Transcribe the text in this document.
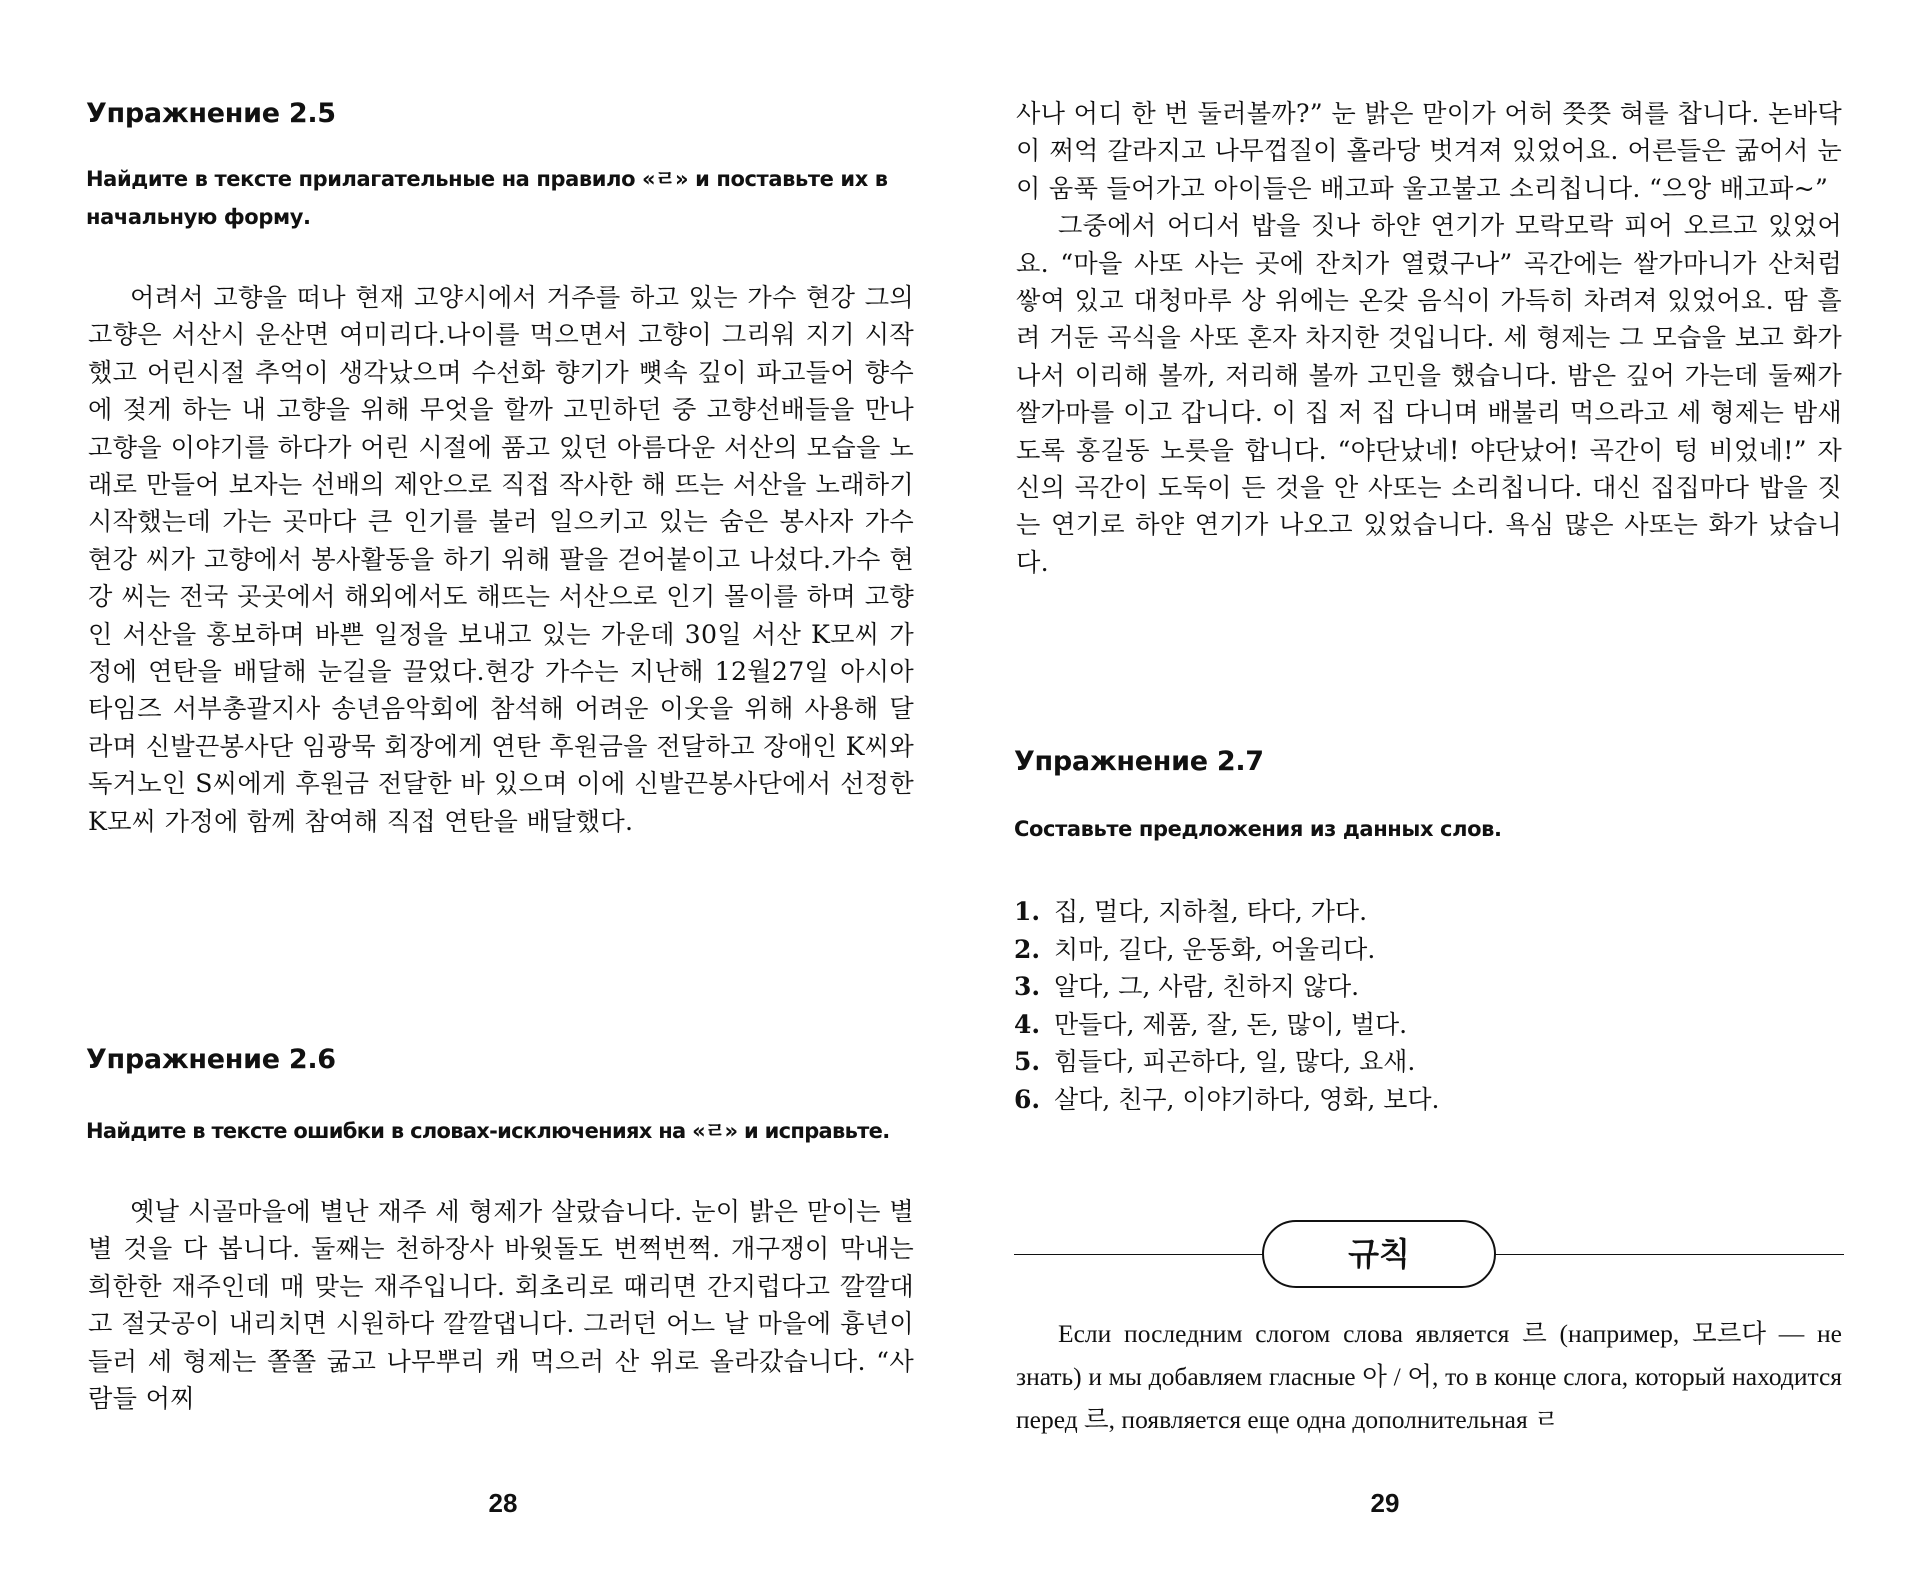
Упражнение 2.5

Найдите в тексте прилагательные на правило «ㄹ» и поставьте их в начальную форму.

어려서 고향을 떠나 현재 고양시에서 거주를 하고 있는 가수 현강 그의 고향은 서산시 운산면 여미리다.나이를 먹으면서 고향이 그리워 지기 시작했고 어린시절 추억이 생각났으며 수선화 향기가 뼛속 깊이 파고들어 향수에 젖게 하는 내 고향을 위해 무엇을 할까 고민하던 중 고향선배들을 만나 고향을 이야기를 하다가 어린 시절에 품고 있던 아름다운 서산의 모습을 노래로 만들어 보자는 선배의 제안으로 직접 작사한 해 뜨는 서산을 노래하기 시작했는데 가는 곳마다 큰 인기를 불러 일으키고 있는 숨은 봉사자 가수 현강 씨가 고향에서 봉사활동을 하기 위해 팔을 걷어붙이고 나섰다.가수 현강 씨는 전국 곳곳에서 해외에서도 해뜨는 서산으로 인기 몰이를 하며 고향인 서산을 홍보하며 바쁜 일정을 보내고 있는 가운데 30일 서산 K모씨 가정에 연탄을 배달해 눈길을 끌었다.현강 가수는 지난해 12월27일 아시아타임즈 서부총괄지사 송년음악회에 참석해 어려운 이웃을 위해 사용해 달라며 신발끈봉사단 임광묵 회장에게 연탄 후원금을 전달하고 장애인 K씨와 독거노인 S씨에게 후원금 전달한 바 있으며 이에 신발끈봉사단에서 선정한 K모씨 가정에 함께 참여해 직접 연탄을 배달했다.

Упражнение 2.6

Найдите в тексте ошибки в словах-исключениях на «ㄹ» и исправьте.

옛날 시골마을에 별난 재주 세 형제가 살랐습니다. 눈이 밝은 맏이는 별별 것을 다 봅니다. 둘째는 천하장사 바윗돌도 번쩍번쩍. 개구쟁이 막내는 희한한 재주인데 매 맞는 재주입니다. 회초리로 때리면 간지럽다고 깔깔대고 절굿공이 내리치면 시원하다 깔깔댑니다. 그러던 어느 날 마을에 흉년이 들러 세 형제는 쫄쫄 굶고 나무뿌리 캐 먹으러 산 위로 올라갔습니다. “사람들 어찌

28

사나 어디 한 번 둘러볼까?” 눈 밝은 맏이가 어허 쯧쯧 혀를 찹니다. 논바닥이 쩌억 갈라지고 나무껍질이 홀라당 벗겨져 있었어요. 어른들은 굶어서 눈이 움푹 들어가고 아이들은 배고파 울고불고 소리칩니다. “으앙 배고파~”
그중에서 어디서 밥을 짓나 하얀 연기가 모락모락 피어 오르고 있었어요. “마을 사또 사는 곳에 잔치가 열렸구나” 곡간에는 쌀가마니가 산처럼 쌓여 있고 대청마루 상 위에는 온갖 음식이 가득히 차려져 있었어요. 땀 흘려 거둔 곡식을 사또 혼자 차지한 것입니다. 세 형제는 그 모습을 보고 화가 나서 이리해 볼까, 저리해 볼까 고민을 했습니다. 밤은 깊어 가는데 둘째가 쌀가마를 이고 갑니다. 이 집 저 집 다니며 배불리 먹으라고 세 형제는 밤새도록 홍길동 노릇을 합니다. “야단났네! 야단났어! 곡간이 텅 비었네!” 자신의 곡간이 도둑이 든 것을 안 사또는 소리칩니다. 대신 집집마다 밥을 짓는 연기로 하얀 연기가 나오고 있었습니다. 욕심 많은 사또는 화가 났습니다.

Упражнение 2.7

Составьте предложения из данных слов.

1. 집, 멀다, 지하철, 타다, 가다.
2. 치마, 길다, 운동화, 어울리다.
3. 알다, 그, 사람, 친하지 않다.
4. 만들다, 제품, 잘, 돈, 많이, 벌다.
5. 힘들다, 피곤하다, 일, 많다, 요새.
6. 살다, 친구, 이야기하다, 영화, 보다.
규칙

Если последним слогом слова является 르 (например, 모르다 — не знать) и мы добавляем гласные 아 / 어, то в конце слога, который находится перед 르, появляется еще одна дополнительная ㄹ

29
